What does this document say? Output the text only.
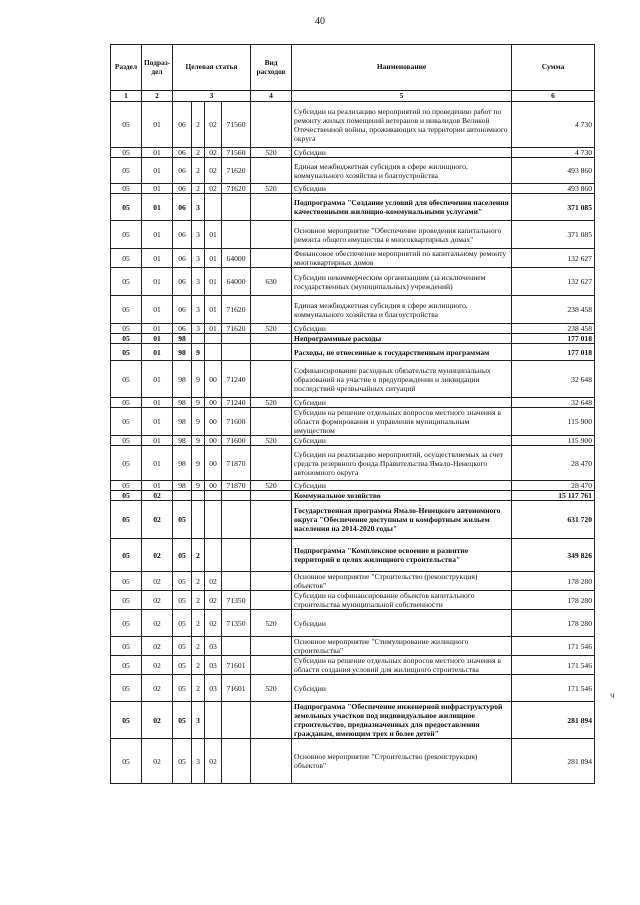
40
Раздел	Подраз-дел	Целевая статья				Вид расходов	Наименование	Сумма
1	2	3				4	5	6
05	01	06	2	02	71560		Субсидии на реализацию мероприятий по проведению работ по ремонту жилых помещений ветеранов и инвалидов Великой Отечественной войны, проживающих на территории автономного округа	4 730
05	01	06	2	02	71560	520	Субсидии	4 730
05	01	06	2	02	71620		Единая межбюджетная субсидия в сфере жилищного, коммунального хозяйства и благоустройства	493 860
05	01	06	2	02	71620	520	Субсидии	493 860
05	01	06	3				Подпрограмма "Создание условий для обеспечения населения качественными жилищно-коммунальными услугами"	371 085
05	01	06	3	01			Основное мероприятие "Обеспечение проведения капитального ремонта общего имущества в многоквартирных домах"	371 085
05	01	06	3	01	64000		Финансовое обеспечение мероприятий по капитальному ремонту многоквартирных домов	132 627
05	01	06	3	01	64000	630	Субсидии некоммерческим организациям (за исключением государственных (муниципальных) учреждений)	132 627
05	01	06	3	01	71620		Единая межбюджетная субсидия в сфере жилищного, коммунального хозяйства и благоустройства	238 458
05	01	06	3	01	71620	520	Субсидии	238 458
05	01	98					Непрограммные расходы	177 018
05	01	98	9				Расходы, не отнесенные к государственным программам	177 018
05	01	98	9	00	71240		Софинансирование расходных обязательств муниципальных образований на участие в предупреждении и ликвидации последствий чрезвычайных ситуаций	32 648
05	01	98	9	00	71240	520	Субсидии	32 648
05	01	98	9	00	71600		Субсидии на решение отдельных вопросов местного значения в области формирования и управления муниципальным имуществом	115 900
05	01	98	9	00	71600	520	Субсидии	115 900
05	01	98	9	00	71870		Субсидии на реализацию мероприятий, осуществляемых за счет средств резервного фонда Правительства Ямало-Ненецкого автономного округа	28 470
05	01	98	9	00	71870	520	Субсидии	28 470
05	02						Коммунальное хозяйство	15 117 761
05	02	05					Государственная программа Ямало-Ненецкого автономного округа "Обеспечение доступным и комфортным жильем населения на 2014-2020 годы"	631 720
05	02	05	2				Подпрограмма "Комплексное освоение и развитие территорий в целях жилищного строительства"	349 826
05	02	05	2	02			Основное мероприятие "Строительство (реконструкция) объектов"	178 280
05	02	05	2	02	71350		Субсидии на софинансирование объектов капитального строительства муниципальной собственности	178 280
05	02	05	2	02	71350	520	Субсидии	178 280
05	02	05	2	03			Основное мероприятие "Стимулирование жилищного строительства"	171 546
05	02	05	2	03	71601		Субсидии на решение отдельных вопросов местного значения в области создания условий для жилищного строительства	171 546
05	02	05	2	03	71601	520	Субсидии	171 546
05	02	05	3				Подпрограмма "Обеспечение инженерной инфраструктурой земельных участков под индивидуальное жилищное строительство, предназначенных для предоставления гражданам, имеющим трех и более детей"	281 894
05	02	05	3	02			Основное мероприятие "Строительство (реконструкция) объектов"	281 894
ч
